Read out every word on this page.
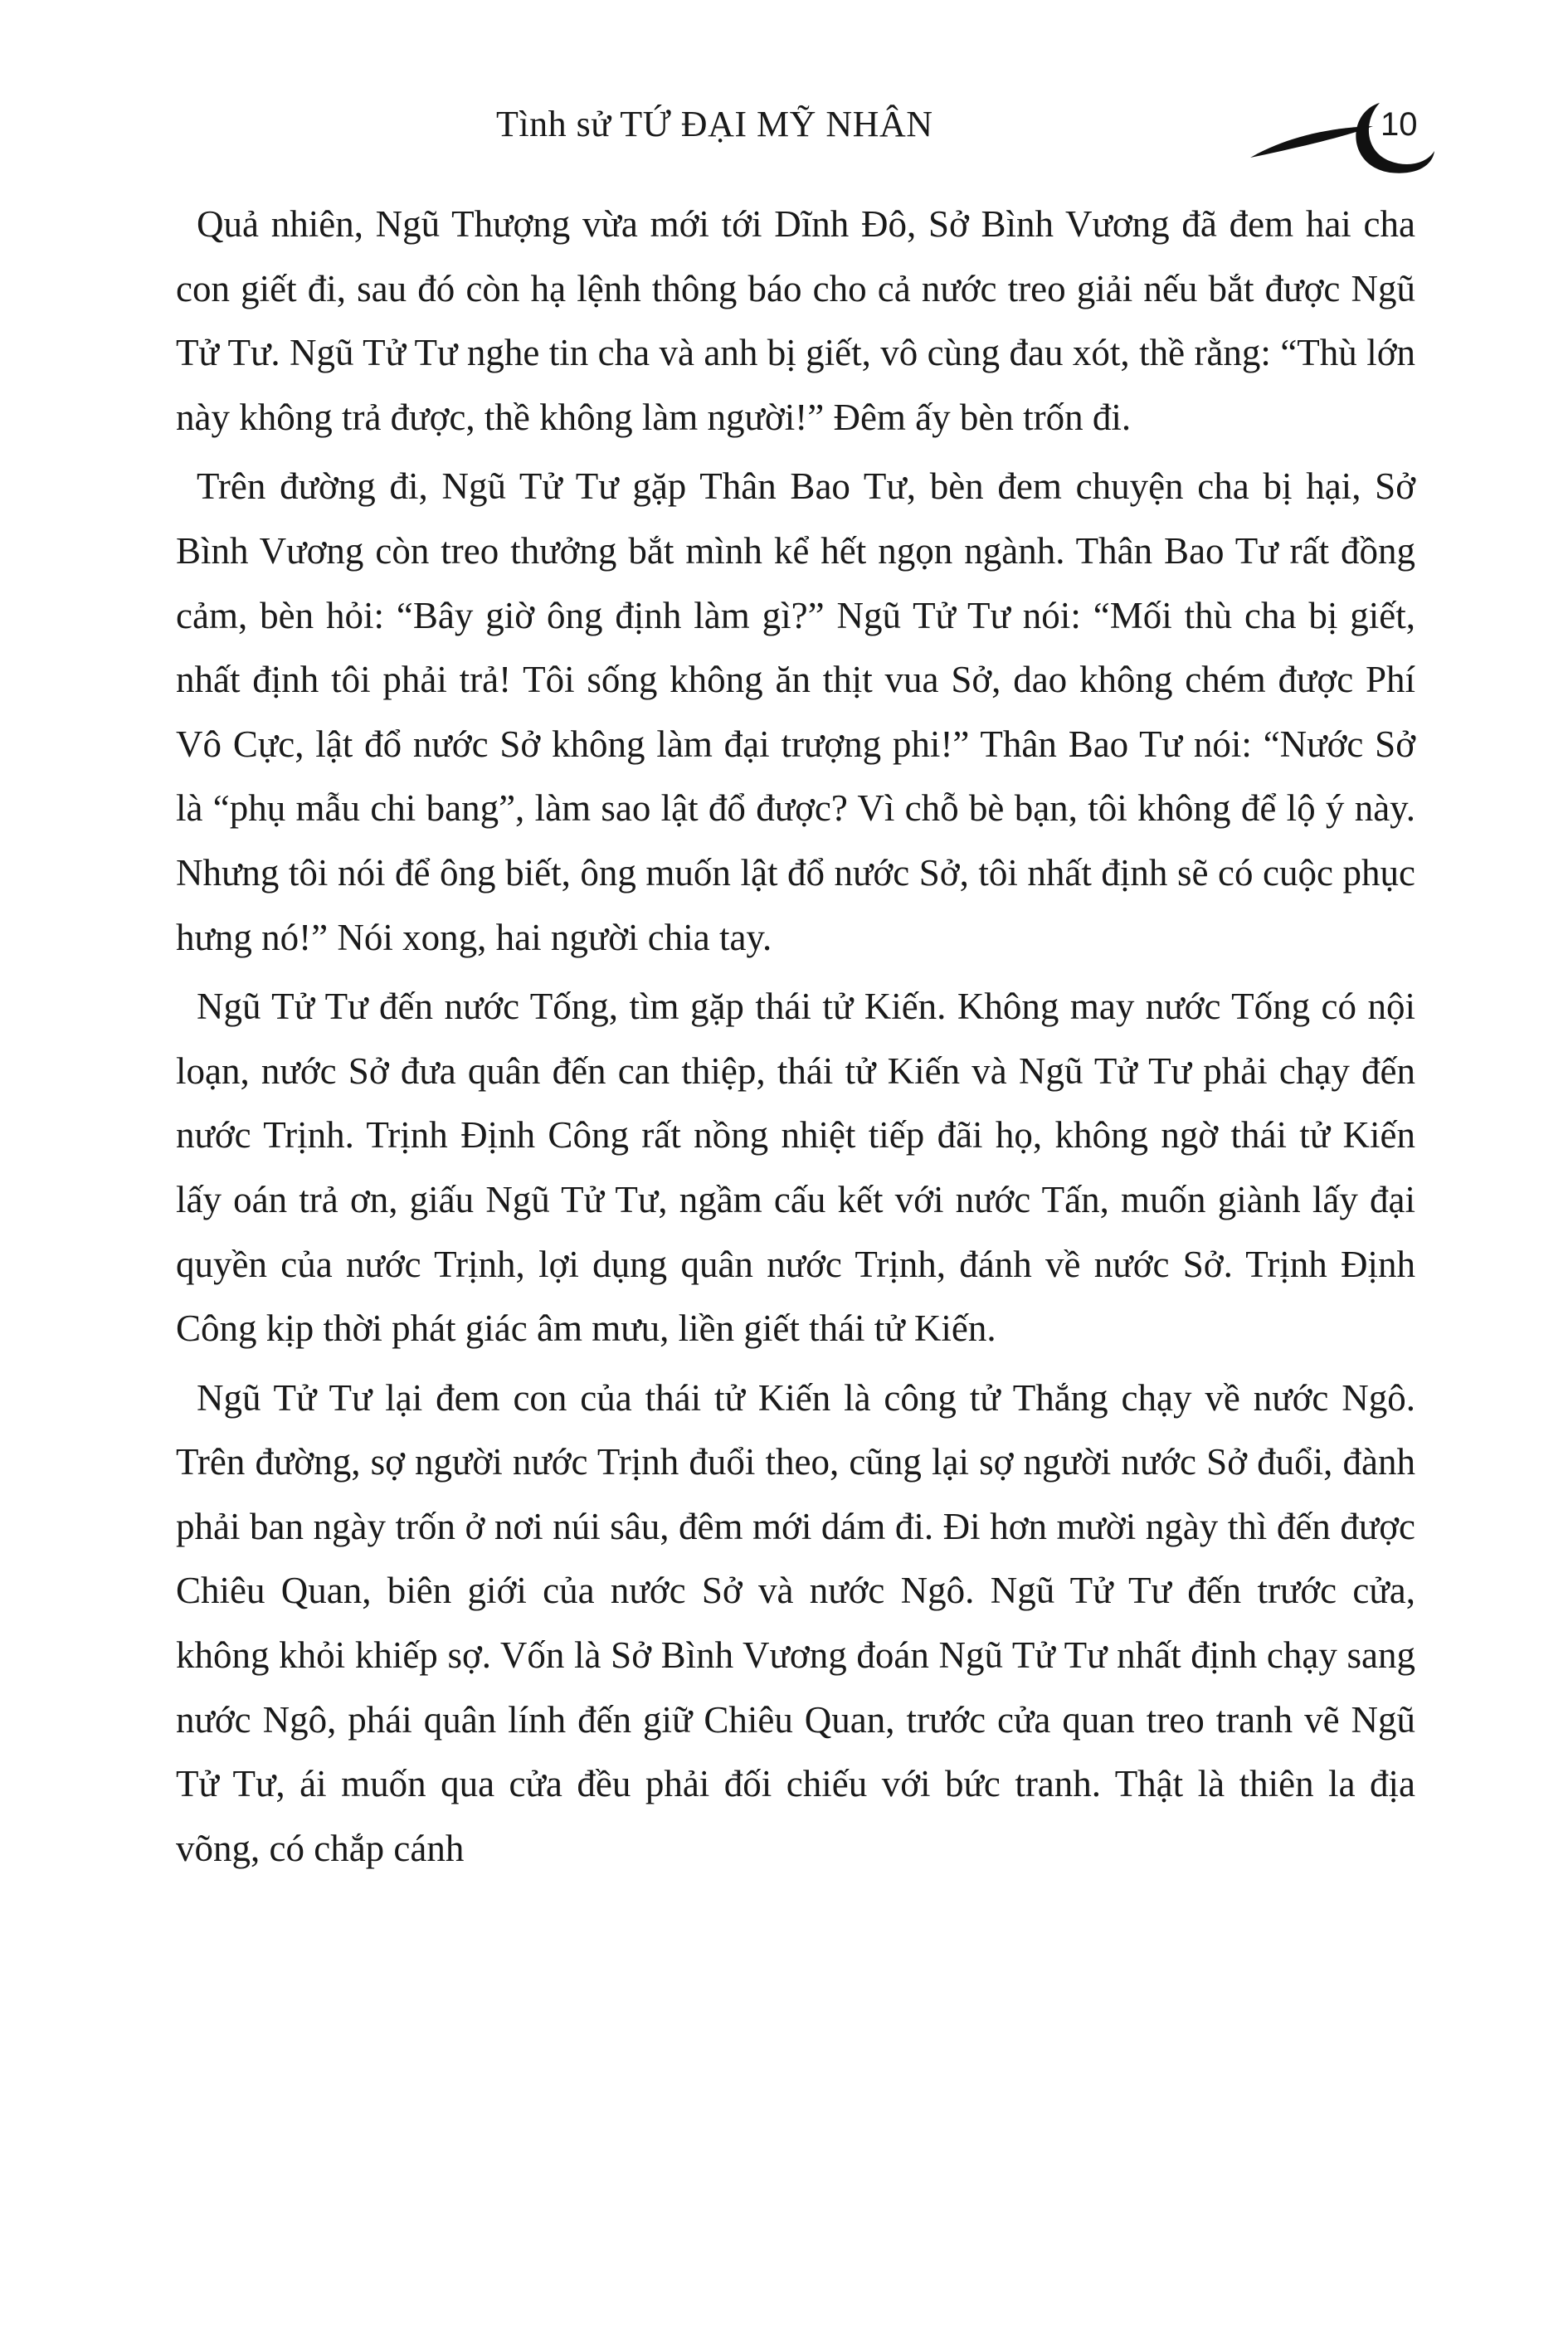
Tình sử TỨ ĐẠI MỸ NHÂN	10

Quả nhiên, Ngũ Thượng vừa mới tới Dĩnh Đô, Sở Bình Vương đã đem hai cha con giết đi, sau đó còn hạ lệnh thông báo cho cả nước treo giải nếu bắt được Ngũ Tử Tư. Ngũ Tử Tư nghe tin cha và anh bị giết, vô cùng đau xót, thề rằng: “Thù lớn này không trả được, thề không làm người!” Đêm ấy bèn trốn đi.

Trên đường đi, Ngũ Tử Tư gặp Thân Bao Tư, bèn đem chuyện cha bị hại, Sở Bình Vương còn treo thưởng bắt mình kể hết ngọn ngành. Thân Bao Tư rất đồng cảm, bèn hỏi: “Bây giờ ông định làm gì?” Ngũ Tử Tư nói: “Mối thù cha bị giết, nhất định tôi phải trả! Tôi sống không ăn thịt vua Sở, dao không chém được Phí Vô Cực, lật đổ nước Sở không làm đại trượng phi!” Thân Bao Tư nói: “Nước Sở là “phụ mẫu chi bang”, làm sao lật đổ được? Vì chỗ bè bạn, tôi không để lộ ý này. Nhưng tôi nói để ông biết, ông muốn lật đổ nước Sở, tôi nhất định sẽ có cuộc phục hưng nó!” Nói xong, hai người chia tay.

Ngũ Tử Tư đến nước Tống, tìm gặp thái tử Kiến. Không may nước Tống có nội loạn, nước Sở đưa quân đến can thiệp, thái tử Kiến và Ngũ Tử Tư phải chạy đến nước Trịnh. Trịnh Định Công rất nồng nhiệt tiếp đãi họ, không ngờ thái tử Kiến lấy oán trả ơn, giấu Ngũ Tử Tư, ngầm cấu kết với nước Tấn, muốn giành lấy đại quyền của nước Trịnh, lợi dụng quân nước Trịnh, đánh về nước Sở. Trịnh Định Công kịp thời phát giác âm mưu, liền giết thái tử Kiến.

Ngũ Tử Tư lại đem con của thái tử Kiến là công tử Thắng chạy về nước Ngô. Trên đường, sợ người nước Trịnh đuổi theo, cũng lại sợ người nước Sở đuổi, đành phải ban ngày trốn ở nơi núi sâu, đêm mới dám đi. Đi hơn mười ngày thì đến được Chiêu Quan, biên giới của nước Sở và nước Ngô. Ngũ Tử Tư đến trước cửa, không khỏi khiếp sợ. Vốn là Sở Bình Vương đoán Ngũ Tử Tư nhất định chạy sang nước Ngô, phái quân lính đến giữ Chiêu Quan, trước cửa quan treo tranh vẽ Ngũ Tử Tư, ái muốn qua cửa đều phải đối chiếu với bức tranh. Thật là thiên la địa võng, có chắp cánh
